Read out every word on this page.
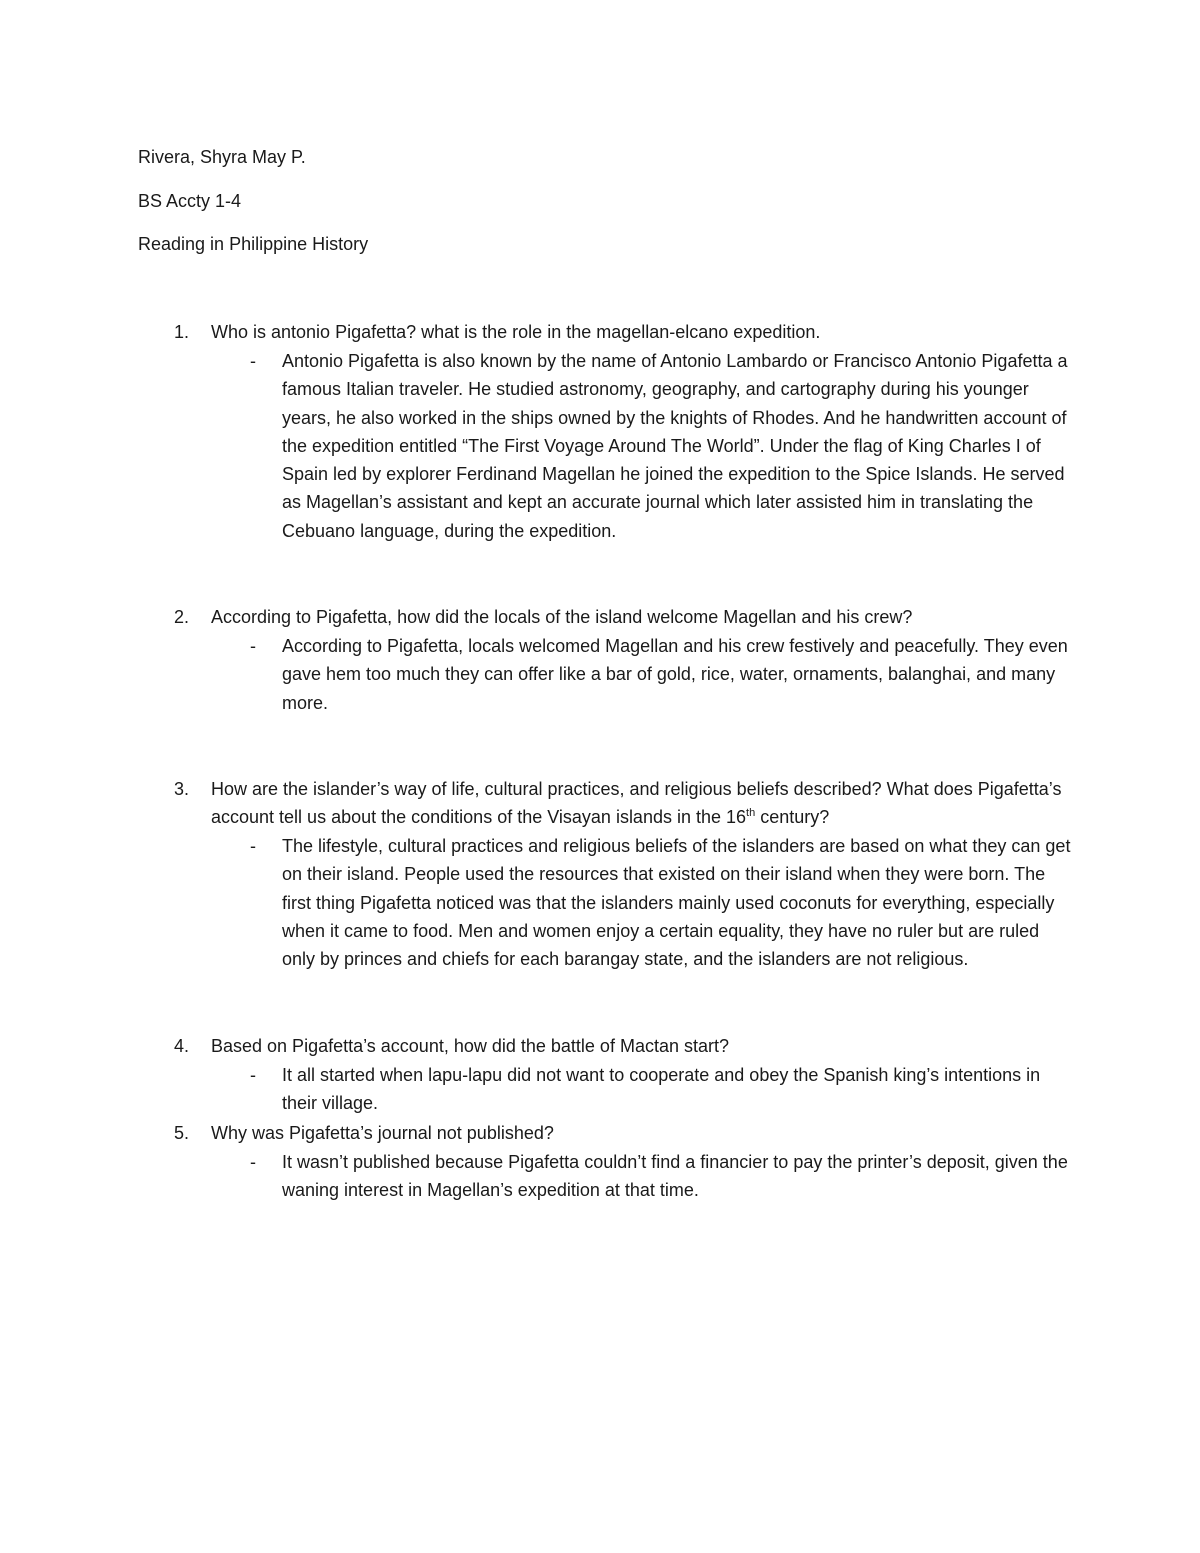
Rivera, Shyra May P.
BS Accty 1-4
Reading in Philippine History
1. Who is antonio Pigafetta? what is the role in the magellan-elcano expedition.
- Antonio Pigafetta is also known by the name of Antonio Lambardo or Francisco Antonio Pigafetta a famous Italian traveler. He studied astronomy, geography, and cartography during his younger years, he also worked in the ships owned by the knights of Rhodes. And he handwritten account of the expedition entitled “The First Voyage Around The World”. Under the flag of King Charles I of Spain led by explorer Ferdinand Magellan he joined the expedition to the Spice Islands. He served as Magellan’s assistant and kept an accurate journal which later assisted him in translating the Cebuano language, during the expedition.
2. According to Pigafetta, how did the locals of the island welcome Magellan and his crew?
- According to Pigafetta, locals welcomed Magellan and his crew festively and peacefully. They even gave hem too much they can offer like a bar of gold, rice, water, ornaments, balanghai, and many more.
3. How are the islander’s way of life, cultural practices, and religious beliefs described? What does Pigafetta’s account tell us about the conditions of the Visayan islands in the 16th century?
- The lifestyle, cultural practices and religious beliefs of the islanders are based on what they can get on their island. People used the resources that existed on their island when they were born. The first thing Pigafetta noticed was that the islanders mainly used coconuts for everything, especially when it came to food. Men and women enjoy a certain equality, they have no ruler but are ruled only by princes and chiefs for each barangay state, and the islanders are not religious.
4. Based on Pigafetta’s account, how did the battle of Mactan start?
- It all started when lapu-lapu did not want to cooperate and obey the Spanish king’s intentions in their village.
5. Why was Pigafetta’s journal not published?
- It wasn’t published because Pigafetta couldn’t find a financier to pay the printer’s deposit, given the waning interest in Magellan’s expedition at that time.
